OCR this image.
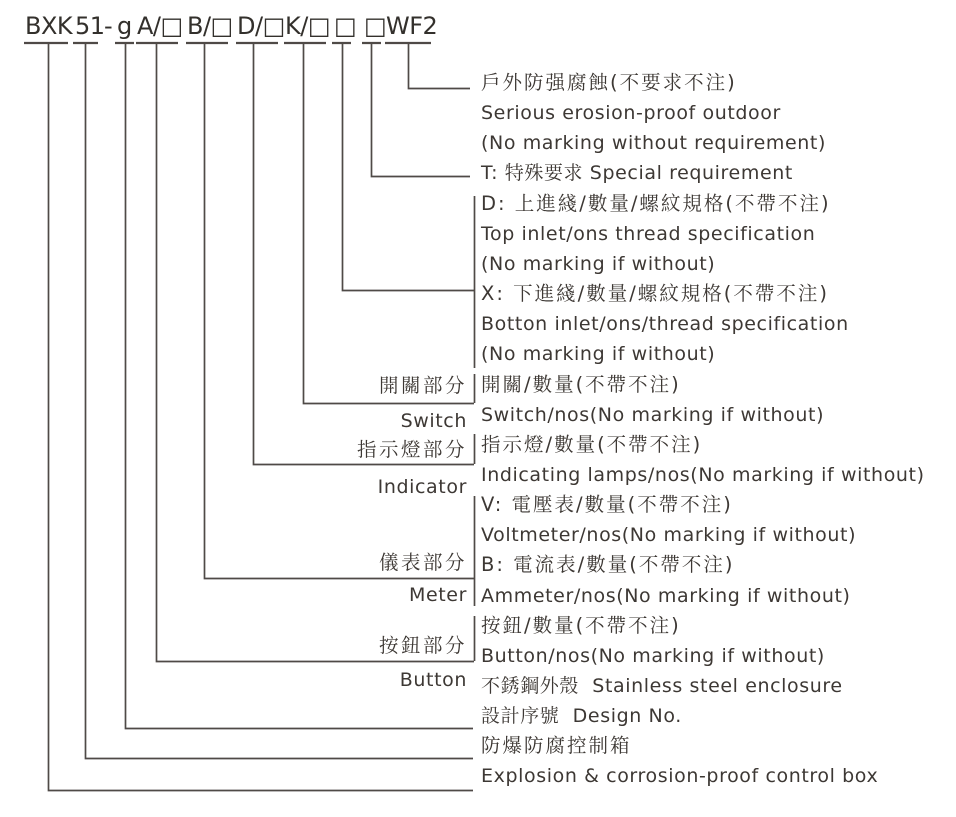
BXK 51 - g A/□ B/□ D/□ K/□ □ □ WF2
戶外防强腐蝕(不要求不注)
Serious erosion-proof outdoor
(No marking without requirement)
T: 特殊要求 Special requirement
D: 上進綫/數量/螺紋規格(不帶不注)
Top inlet/ons thread specification
(No marking if without)
X: 下進綫/數量/螺紋規格(不帶不注)
Botton inlet/ons/thread specification
(No marking if without)
開關/數量(不帶不注)
Switch/nos(No marking if without)
指示燈/數量(不帶不注)
Indicating lamps/nos(No marking if without)
V: 電壓表/數量(不帶不注)
Voltmeter/nos(No marking if without)
B: 電流表/數量(不帶不注)
Ammeter/nos(No marking if without)
按鈕/數量(不帶不注)
Button/nos(No marking if without)
不銹鋼外殼  Stainless steel enclosure
設計序號  Design No.
防爆防腐控制箱
Explosion & corrosion-proof control box
開關部分
Switch
指示燈部分
Indicator
儀表部分
Meter
按鈕部分
Button
